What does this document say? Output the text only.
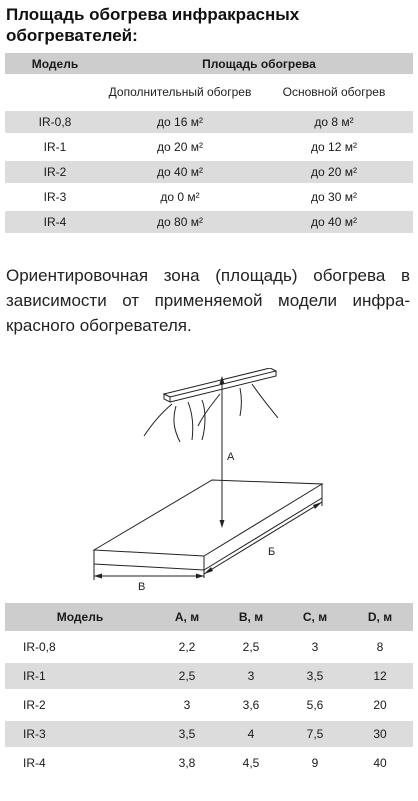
Площадь обогрева инфракрасных обогревателей:
Модель	Площадь обогрева	
	Дополнительный обогрев	Основной обогрев
IR-0,8	до 16 м²	до 8 м²

IR-1	до 20 м²	до 12 м²

IR-2	до 40 м²	до 20 м²

IR-3	до 0 м²	до 30 м²

IR-4	до 80 м²	до 40 м²
Ориентировочная зона (площадь) обогрева в зависимости от применяемой модели инфра-красного обогревателя.
А
Б
В
Модель	А, м	В, м	С, м	D, м

IR-0,8	2,2	2,5	3	8

IR-1	2,5	3	3,5	12

IR-2	3	3,6	5,6	20

IR-3	3,5	4	7,5	30

IR-4	3,8	4,5	9	40
